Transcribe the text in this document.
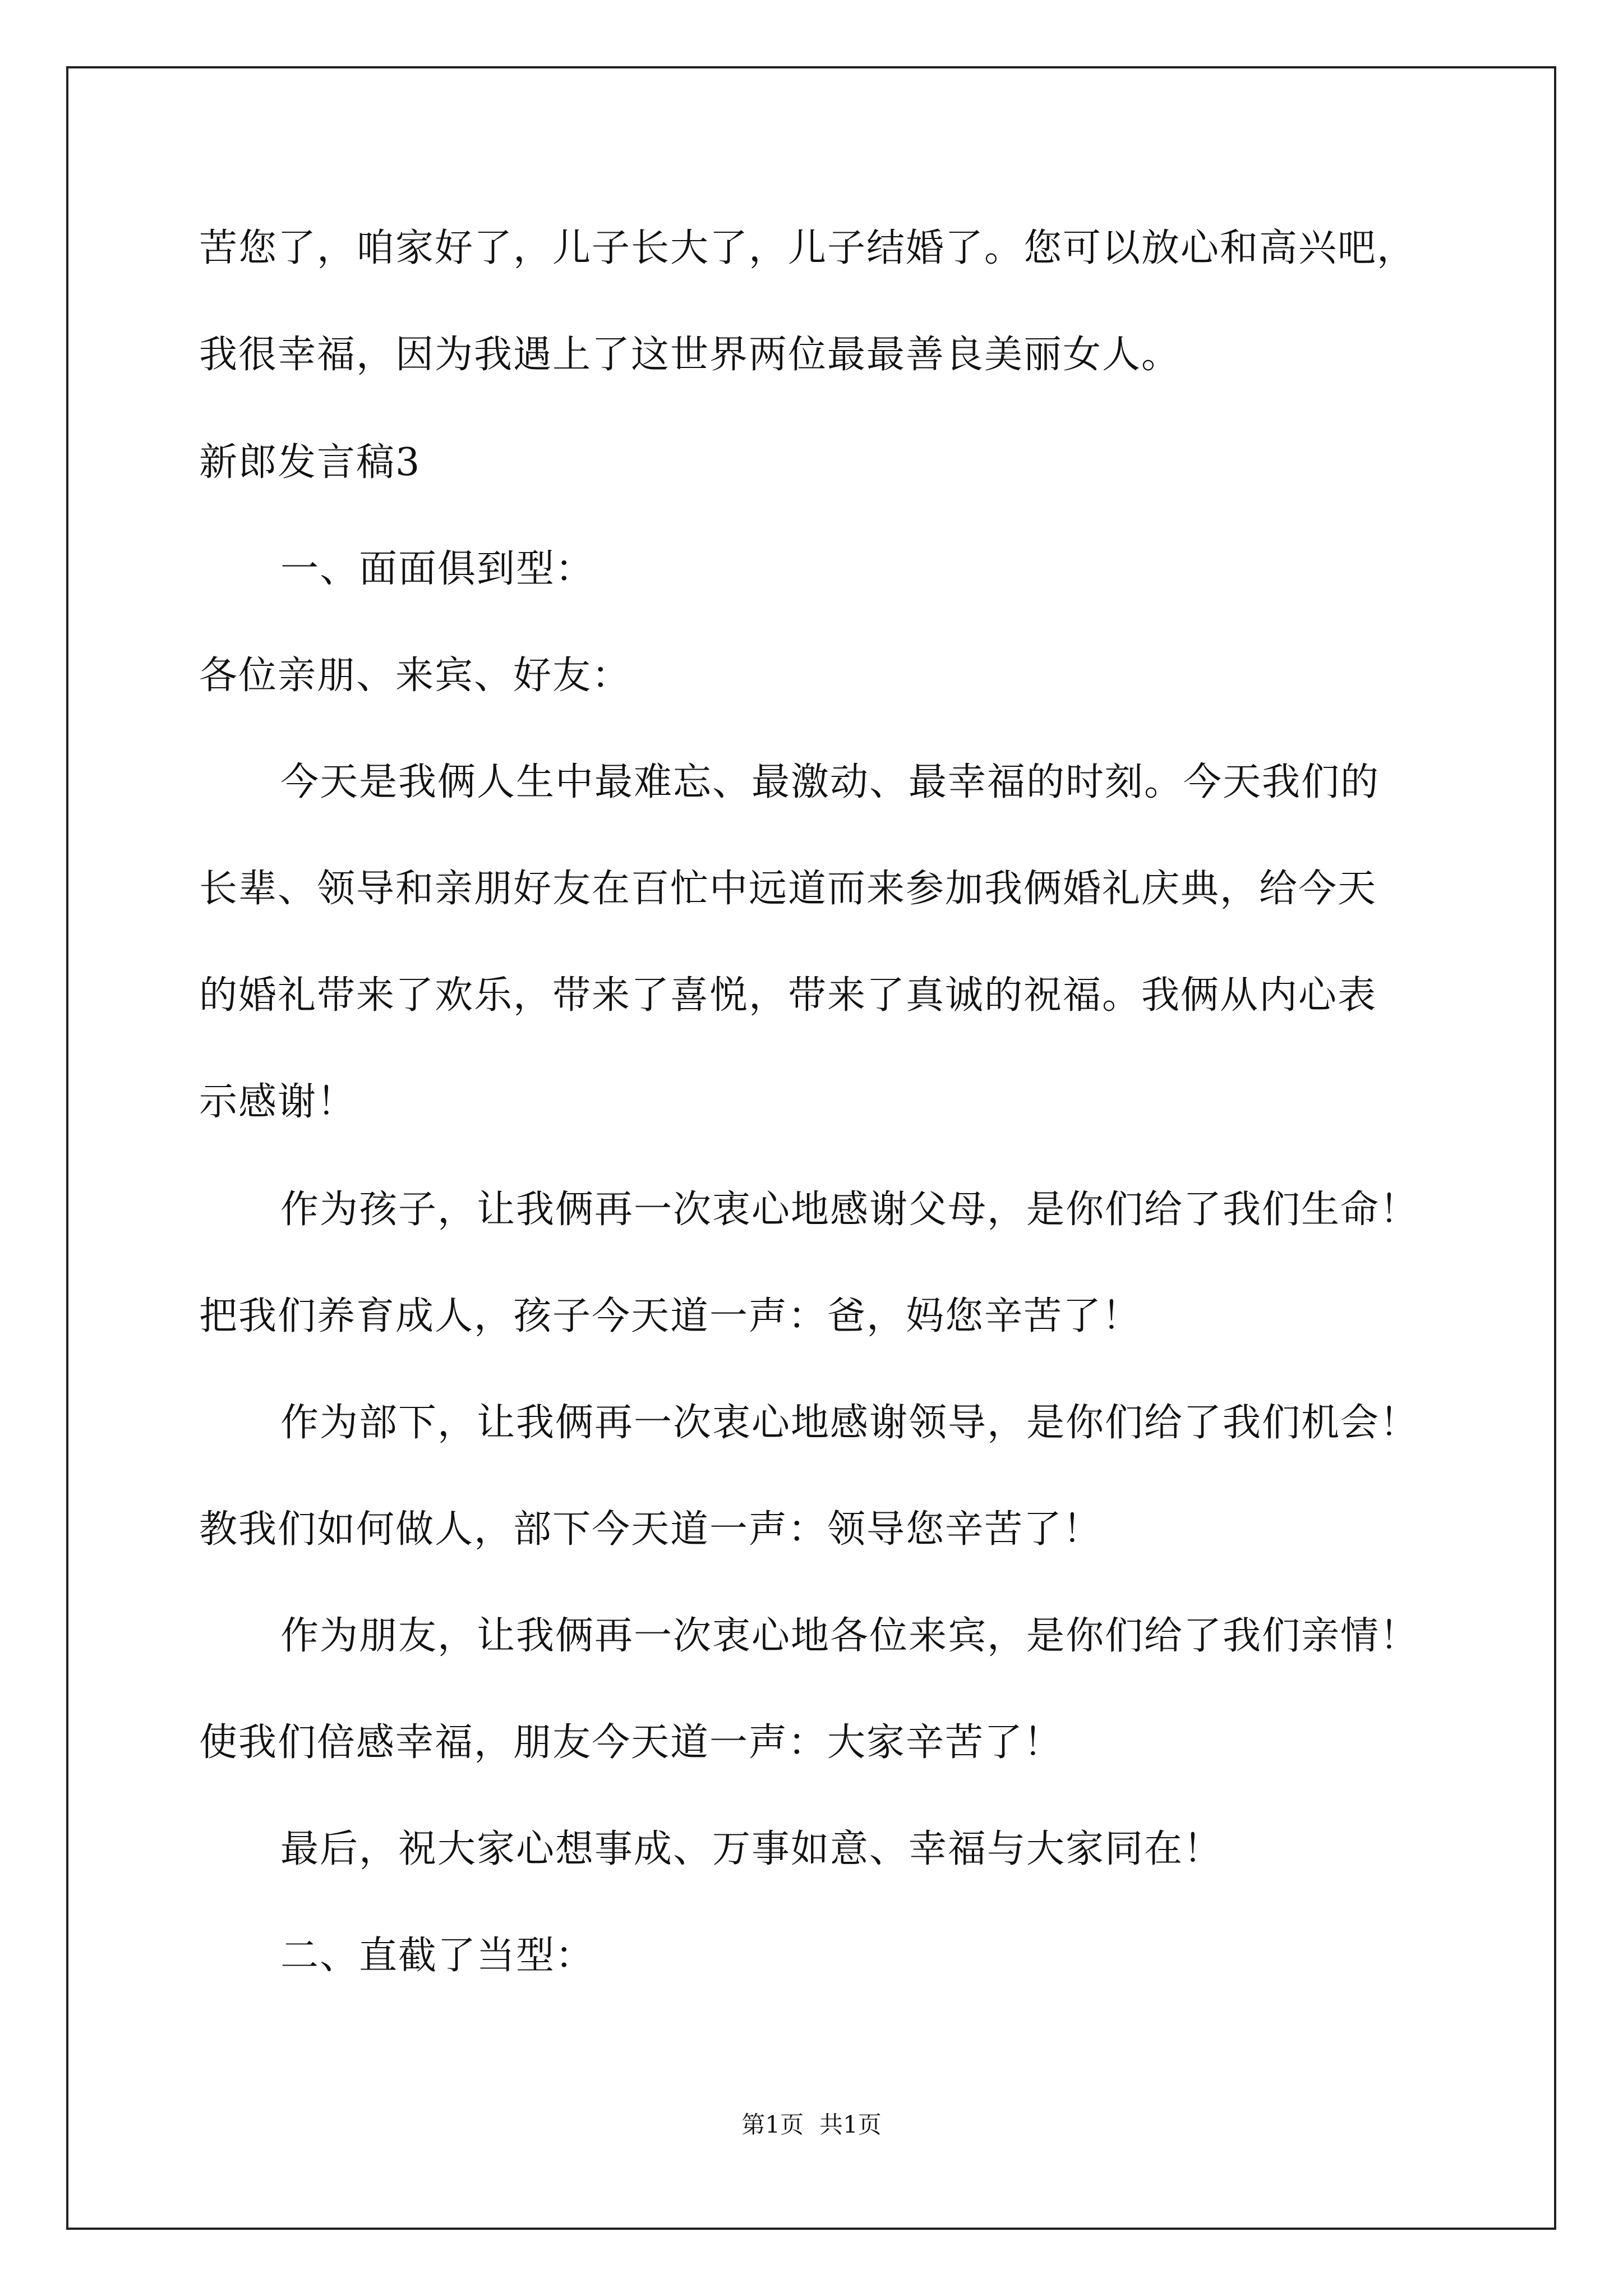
苦您了，咱家好了，儿子长大了，儿子结婚了。您可以放心和高兴吧，
我很幸福，因为我遇上了这世界两位最最善良美丽女人。
新郎发言稿3
一、面面俱到型：
各位亲朋、来宾、好友：
今天是我俩人生中最难忘、最激动、最幸福的时刻。今天我们的
长辈、领导和亲朋好友在百忙中远道而来参加我俩婚礼庆典，给今天
的婚礼带来了欢乐，带来了喜悦，带来了真诚的祝福。我俩从内心表
示感谢！
作为孩子，让我俩再一次衷心地感谢父母，是你们给了我们生命！
把我们养育成人，孩子今天道一声：爸，妈您辛苦了！
作为部下，让我俩再一次衷心地感谢领导，是你们给了我们机会！
教我们如何做人，部下今天道一声：领导您辛苦了！
作为朋友，让我俩再一次衷心地各位来宾，是你们给了我们亲情！
使我们倍感幸福，朋友今天道一声：大家辛苦了！
最后，祝大家心想事成、万事如意、幸福与大家同在！
二、直截了当型：
第1页 共1页
